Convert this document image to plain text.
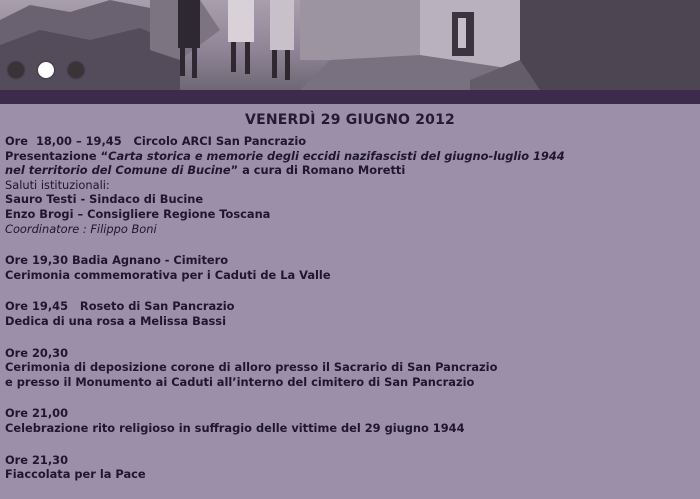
VENERDÌ 29 GIUGNO 2012
Ore  18,00 – 19,45   Circolo ARCI San Pancrazio
Presentazione “Carta storica e memorie degli eccidi nazifascisti del giugno-luglio 1944
nel territorio del Comune di Bucine” a cura di Romano Moretti
Saluti istituzionali:
Sauro Testi - Sindaco di Bucine
Enzo Brogi – Consigliere Regione Toscana
Coordinatore : Filippo Boni
Ore 19,30 Badia Agnano - Cimitero
Cerimonia commemorativa per i Caduti de La Valle
Ore 19,45   Roseto di San Pancrazio
Dedica di una rosa a Melissa Bassi
Ore 20,30
Cerimonia di deposizione corone di alloro presso il Sacrario di San Pancrazio
e presso il Monumento ai Caduti all’interno del cimitero di San Pancrazio
Ore 21,00
Celebrazione rito religioso in suffragio delle vittime del 29 giugno 1944
Ore 21,30
Fiaccolata per la Pace
